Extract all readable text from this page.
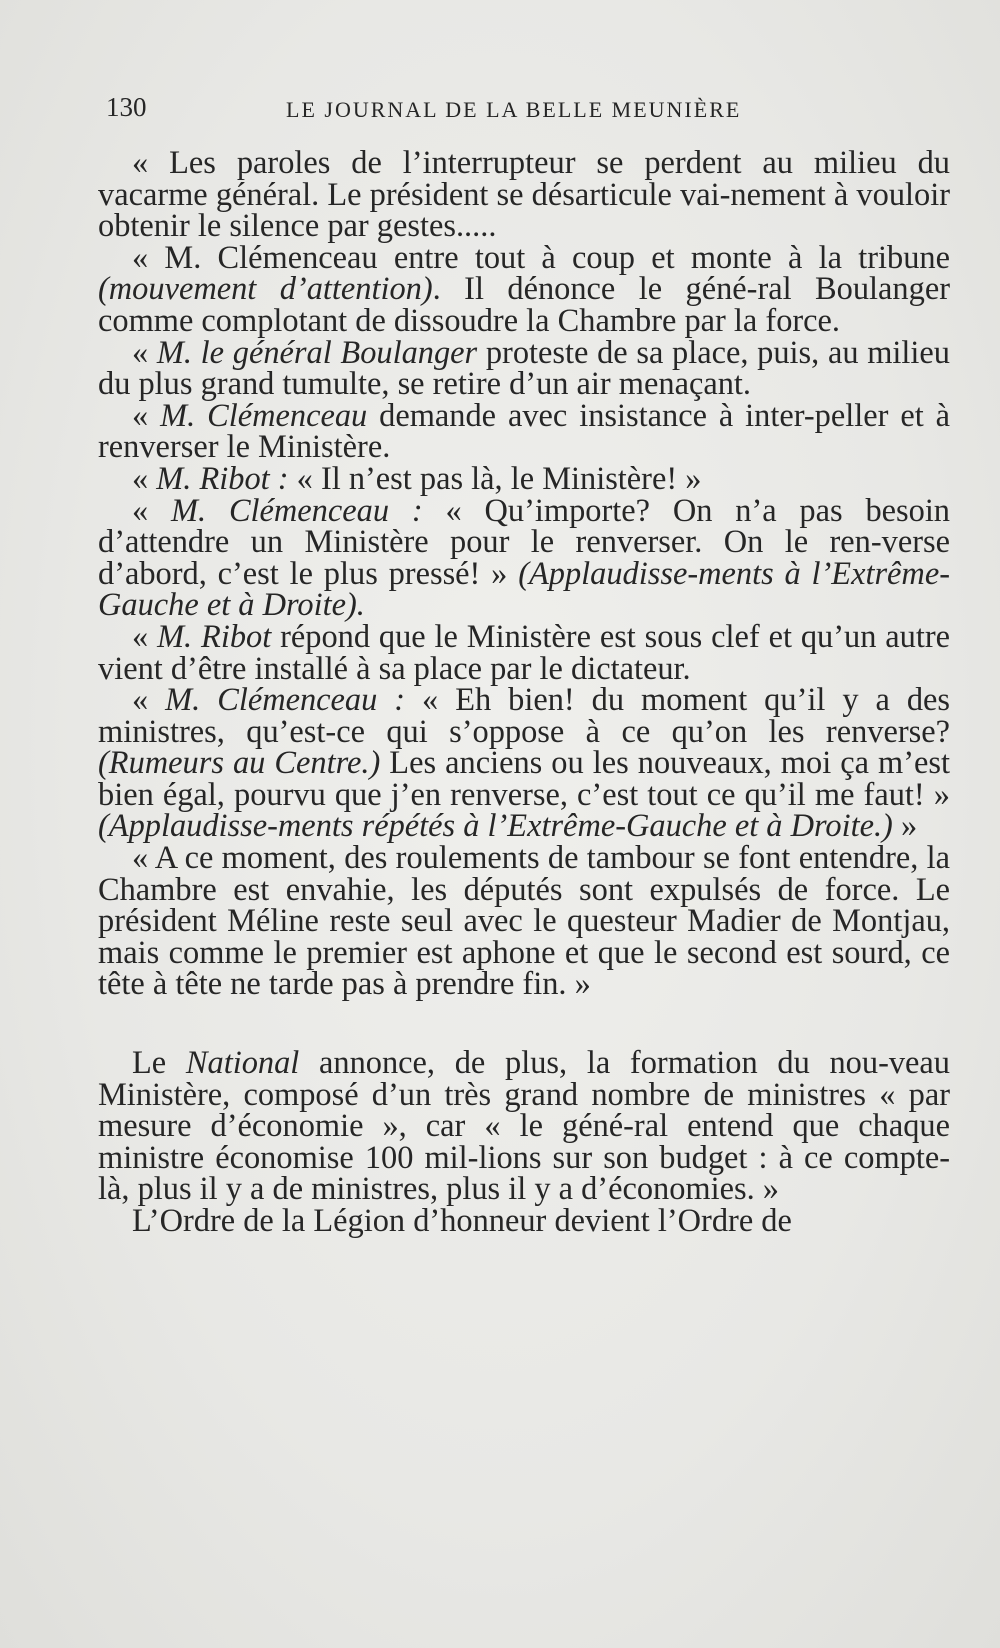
130	LE JOURNAL DE LA BELLE MEUNIÈRE

« Les paroles de l’interrupteur se perdent au milieu du vacarme général. Le président se désarticule vai-nement à vouloir obtenir le silence par gestes.....

« M. Clémenceau entre tout à coup et monte à la tribune (mouvement d’attention). Il dénonce le géné-ral Boulanger comme complotant de dissoudre la Chambre par la force.

« M. le général Boulanger proteste de sa place, puis, au milieu du plus grand tumulte, se retire d’un air menaçant.

« M. Clémenceau demande avec insistance à inter-peller et à renverser le Ministère.

« M. Ribot : « Il n’est pas là, le Ministère! »

« M. Clémenceau : « Qu’importe? On n’a pas besoin d’attendre un Ministère pour le renverser. On le ren-verse d’abord, c’est le plus pressé! » (Applaudisse-ments à l’Extrême-Gauche et à Droite).

« M. Ribot répond que le Ministère est sous clef et qu’un autre vient d’être installé à sa place par le dictateur.

« M. Clémenceau : « Eh bien! du moment qu’il y a des ministres, qu’est-ce qui s’oppose à ce qu’on les renverse? (Rumeurs au Centre.) Les anciens ou les nouveaux, moi ça m’est bien égal, pourvu que j’en renverse, c’est tout ce qu’il me faut! » (Applaudisse-ments répétés à l’Extrême-Gauche et à Droite.) »

« A ce moment, des roulements de tambour se font entendre, la Chambre est envahie, les députés sont expulsés de force. Le président Méline reste seul avec le questeur Madier de Montjau, mais comme le premier est aphone et que le second est sourd, ce tête à tête ne tarde pas à prendre fin. »

Le National annonce, de plus, la formation du nou-veau Ministère, composé d’un très grand nombre de ministres « par mesure d’économie », car « le géné-ral entend que chaque ministre économise 100 mil-lions sur son budget : à ce compte-là, plus il y a de ministres, plus il y a d’économies. »

L’Ordre de la Légion d’honneur devient l’Ordre de
